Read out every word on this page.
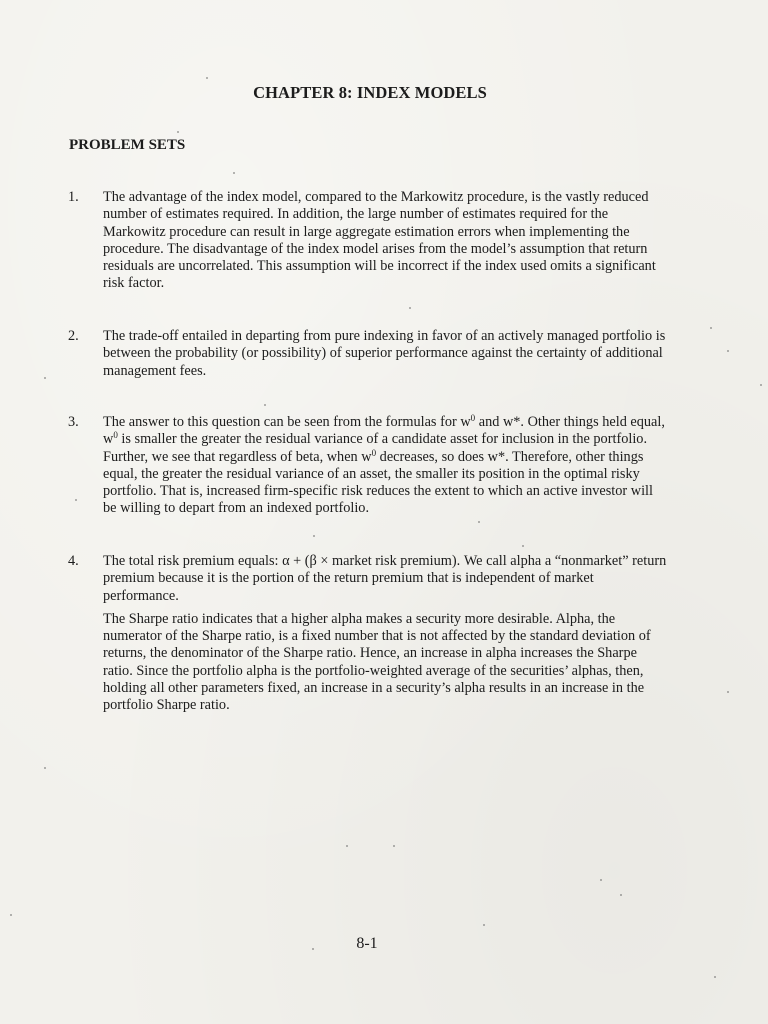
CHAPTER 8: INDEX MODELS
PROBLEM SETS
1.	The advantage of the index model, compared to the Markowitz procedure, is the vastly reduced number of estimates required. In addition, the large number of estimates required for the Markowitz procedure can result in large aggregate estimation errors when implementing the procedure. The disadvantage of the index model arises from the model’s assumption that return residuals are uncorrelated. This assumption will be incorrect if the index used omits a significant risk factor.

2.	The trade-off entailed in departing from pure indexing in favor of an actively managed portfolio is between the probability (or possibility) of superior performance against the certainty of additional management fees.

3.	The answer to this question can be seen from the formulas for $w^0$ and w*. Other things held equal, $w^0$ is smaller the greater the residual variance of a candidate asset for inclusion in the portfolio. Further, we see that regardless of beta, when $w^0$ decreases, so does w*. Therefore, other things equal, the greater the residual variance of an asset, the smaller its position in the optimal risky portfolio. That is, increased firm-specific risk reduces the extent to which an active investor will be willing to depart from an indexed portfolio.

4.	The total risk premium equals: α + (β × market risk premium). We call alpha a “nonmarket” return premium because it is the portion of the return premium that is independent of market performance.

The Sharpe ratio indicates that a higher alpha makes a security more desirable. Alpha, the numerator of the Sharpe ratio, is a fixed number that is not affected by the standard deviation of returns, the denominator of the Sharpe ratio. Hence, an increase in alpha increases the Sharpe ratio. Since the portfolio alpha is the portfolio-weighted average of the securities’ alphas, then, holding all other parameters fixed, an increase in a security’s alpha results in an increase in the portfolio Sharpe ratio.

8-1
